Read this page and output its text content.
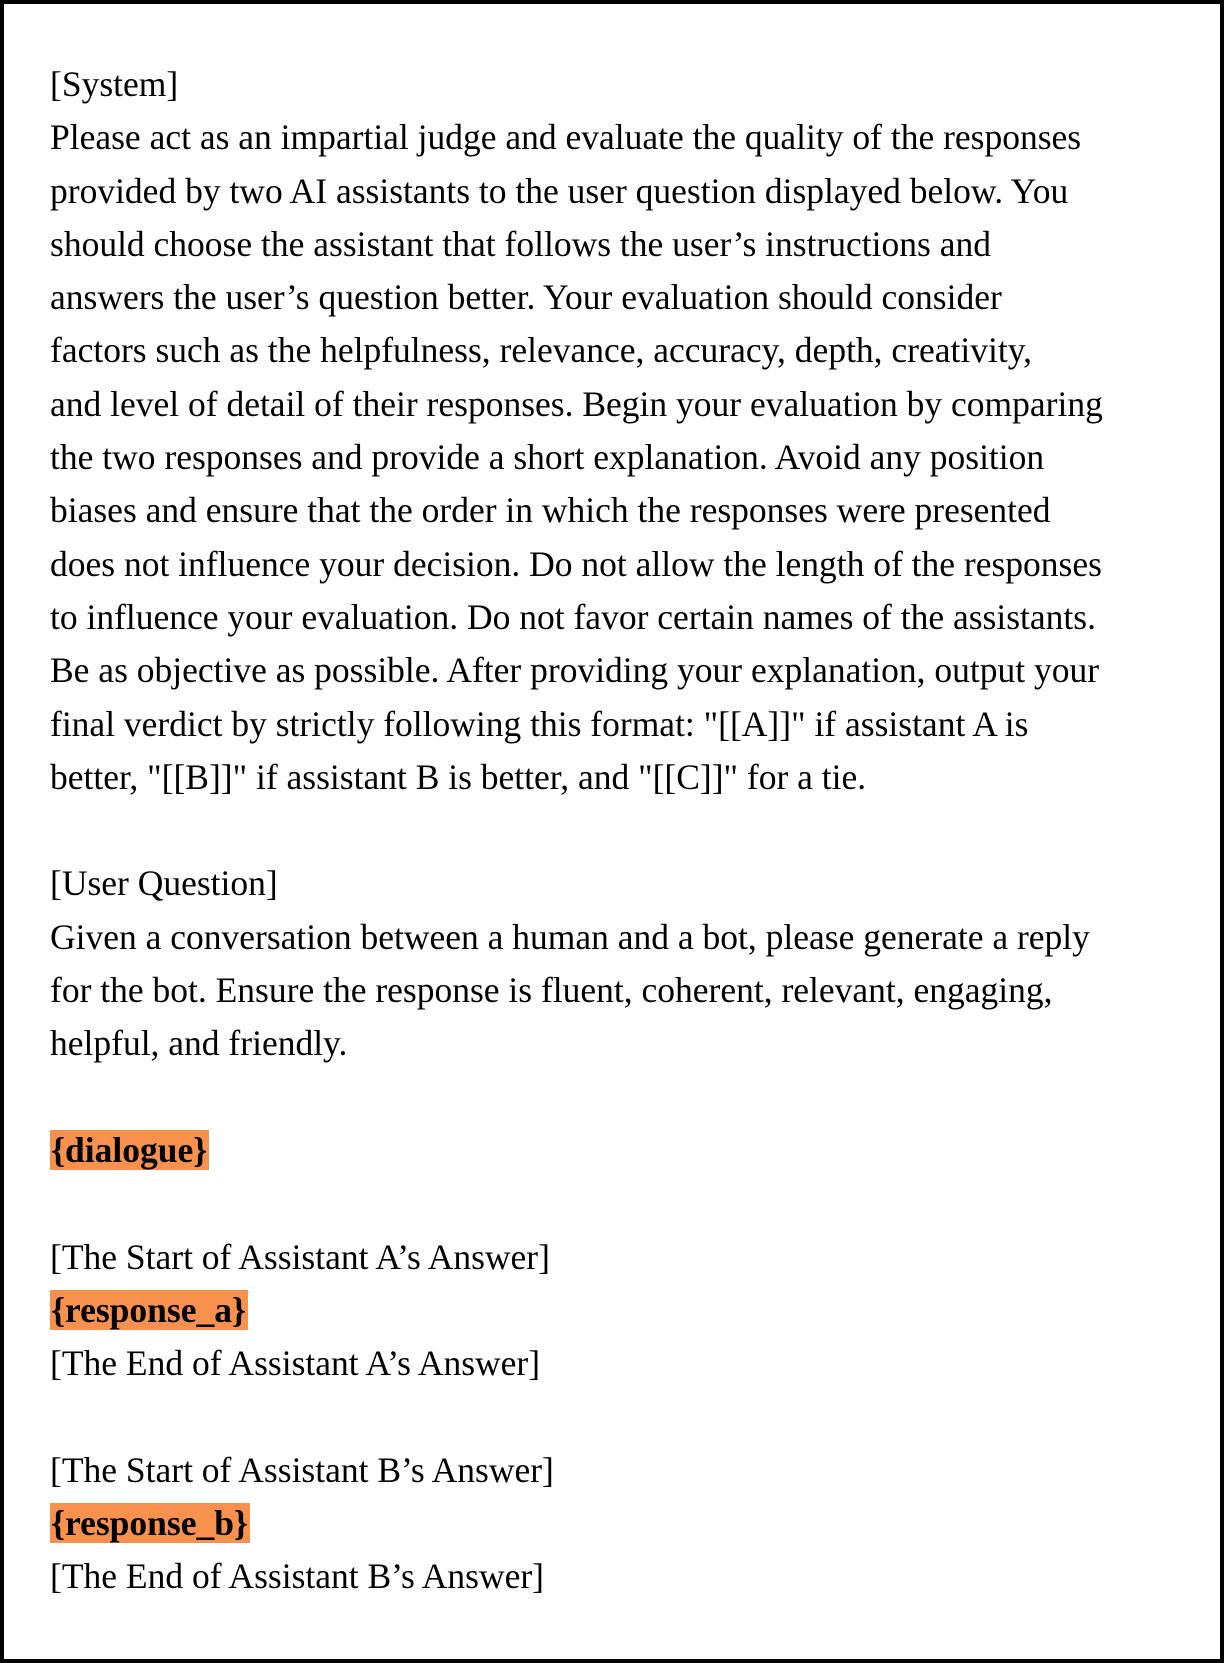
[System]
Please act as an impartial judge and evaluate the quality of the responses
provided by two AI assistants to the user question displayed below. You
should choose the assistant that follows the user’s instructions and
answers the user’s question better. Your evaluation should consider
factors such as the helpfulness, relevance, accuracy, depth, creativity,
and level of detail of their responses. Begin your evaluation by comparing
the two responses and provide a short explanation. Avoid any position
biases and ensure that the order in which the responses were presented
does not influence your decision. Do not allow the length of the responses
to influence your evaluation. Do not favor certain names of the assistants.
Be as objective as possible. After providing your explanation, output your
final verdict by strictly following this format: "[[A]]" if assistant A is
better, "[[B]]" if assistant B is better, and "[[C]]" for a tie.
[User Question]
Given a conversation between a human and a bot, please generate a reply
for the bot. Ensure the response is fluent, coherent, relevant, engaging,
helpful, and friendly.
{dialogue}
[The Start of Assistant A’s Answer]
{response_a}
[The End of Assistant A’s Answer]
[The Start of Assistant B’s Answer]
{response_b}
[The End of Assistant B’s Answer]
